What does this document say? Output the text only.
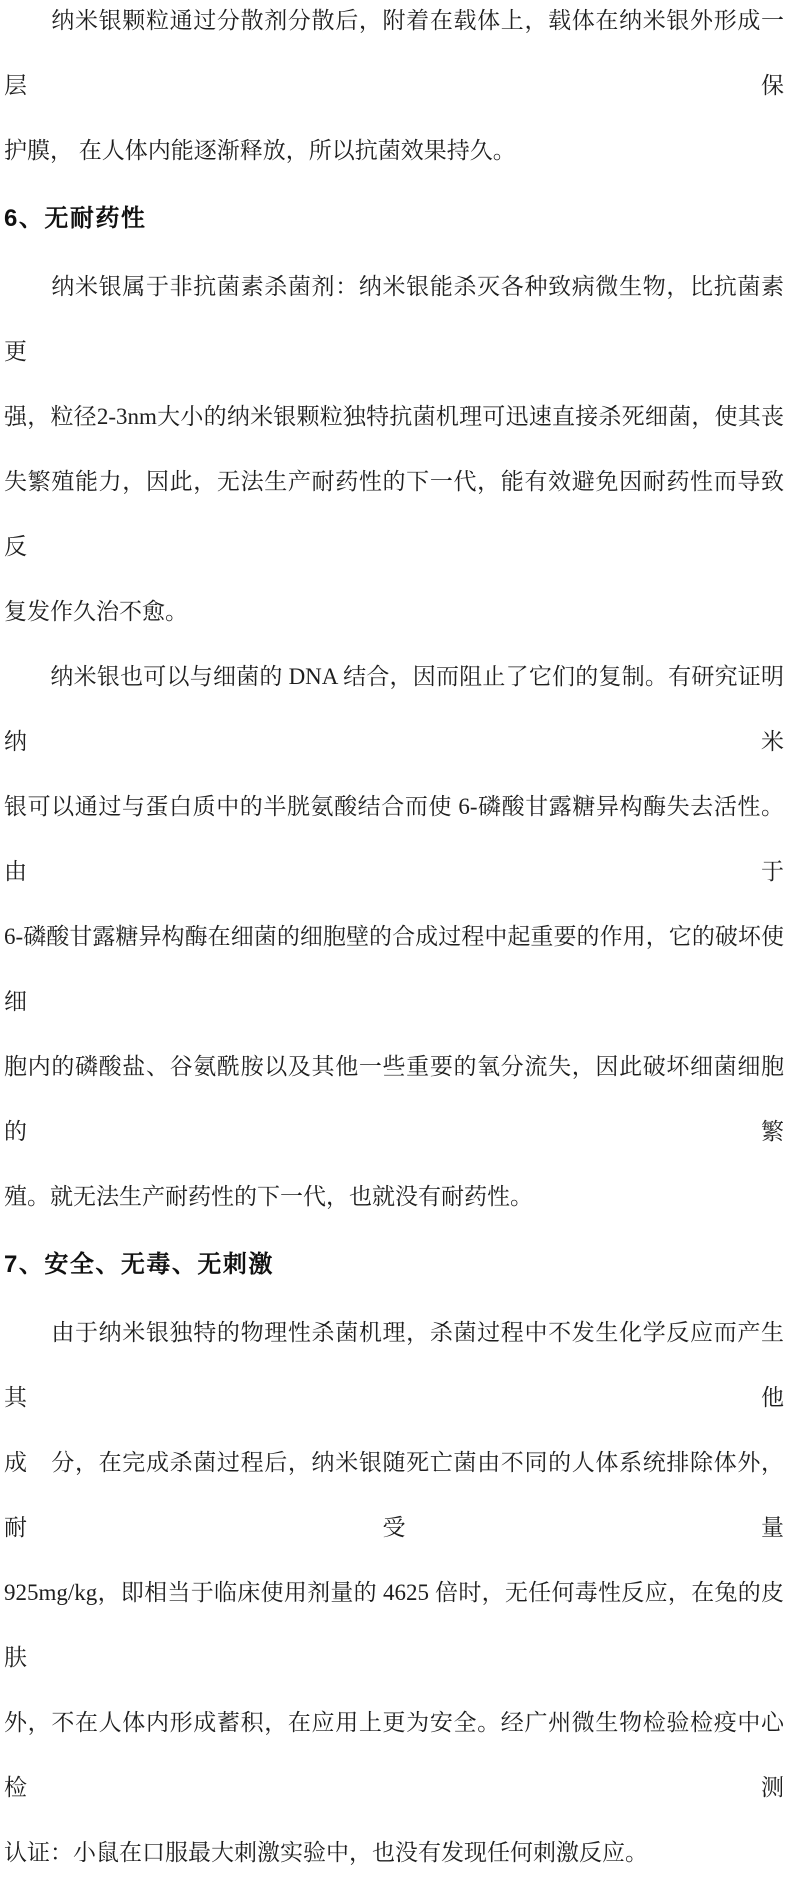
　　纳米银颗粒通过分散剂分散后，附着在载体上，载体在纳米银外形成一层保
护膜， 在人体内能逐渐释放，所以抗菌效果持久。
6、无耐药性
　　纳米银属于非抗菌素杀菌剂：纳米银能杀灭各种致病微生物，比抗菌素更
强，粒径2-3nm大小的纳米银颗粒独特抗菌机理可迅速直接杀死细菌，使其丧
失繁殖能力，因此，无法生产耐药性的下一代，能有效避免因耐药性而导致反
复发作久治不愈。
　　纳米银也可以与细菌的 DNA 结合，因而阻止了它们的复制。有研究证明纳米
银可以通过与蛋白质中的半胱氨酸结合而使 6-磷酸甘露糖异构酶失去活性。由于
6-磷酸甘露糖异构酶在细菌的细胞壁的合成过程中起重要的作用，它的破坏使细
胞内的磷酸盐、谷氨酰胺以及其他一些重要的氧分流失，因此破坏细菌细胞的繁
殖。就无法生产耐药性的下一代，也就没有耐药性。
7、安全、无毒、无刺激
　　由于纳米银独特的物理性杀菌机理，杀菌过程中不发生化学反应而产生其他
成　分，在完成杀菌过程后，纳米银随死亡菌由不同的人体系统排除体外，耐受量
925mg/kg，即相当于临床使用剂量的 4625 倍时，无任何毒性反应，在兔的皮肤
外，不在人体内形成蓄积，在应用上更为安全。经广州微生物检验检疫中心检测
认证：小鼠在口服最大刺激实验中，也没有发现任何刺激反应。
